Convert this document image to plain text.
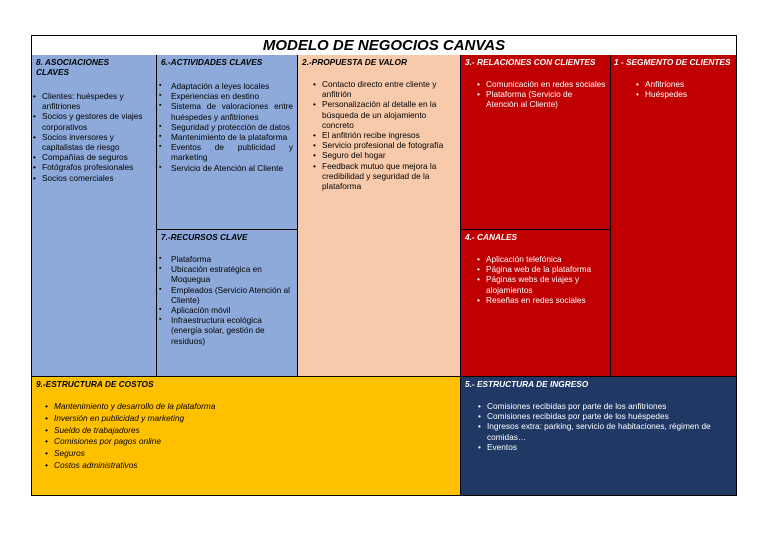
MODELO DE NEGOCIOS CANVAS
8. ASOCIACIONES CLAVES
• Clientes: huéspedes y anfitriones
• Socios y gestores de viajes corporativos
• Socios inversores y capitalistas de riesgo
• Compañías de seguros
• Fotógrafos profesionales
• Socios comerciales
6.-ACTIVIDADES CLAVES
▪ Adaptación a leyes locales
▪ Experiencias en destino
▪ Sistema de valoraciones entre huéspedes y anfitriones
▪ Seguridad y protección de datos
▪ Mantenimiento de la plataforma
▪ Eventos de publicidad y marketing
▪ Servicio de Atención al Cliente
7.-RECURSOS CLAVE
▪ Plataforma
▪ Ubicación estratégica en Moquegua
▪ Empleados (Servicio Atención al Cliente)
▪ Aplicación móvil
▪ Infraestructura ecológica (energía solar, gestión de residuos)
2.-PROPUESTA DE VALOR
• Contacto directo entre cliente y anfitrión
• Personalización al detalle en la búsqueda de un alojamiento concreto
• El anfitrión recibe ingresos
• Servicio profesional de fotografía
• Seguro del hogar
• Feedback mutuo que mejora la credibilidad y seguridad de la plataforma
3.- RELACIONES CON CLIENTES
• Comunicación en redes sociales
• Plataforma (Servicio de Atención al Cliente)
4.- CANALES
• Aplicación telefónica
• Página web de la plataforma
• Páginas webs de viajes y alojamientos
• Reseñas en redes sociales
1 - SEGMENTO DE CLIENTES
• Anfitriones
• Huéspedes
9.-ESTRUCTURA DE COSTOS
• Mantenimiento y desarrollo de la plataforma
• Inversión en publicidad y marketing
• Sueldo de trabajadores
• Comisiones por pagos online
• Seguros
• Costos administrativos
5.- ESTRUCTURA DE INGRESO
• Comisiones recibidas por parte de los anfitriones
• Comisiones recibidas por parte de los huéspedes
• Ingresos extra: parking, servicio de habitaciones, régimen de comidas…
• Eventos
